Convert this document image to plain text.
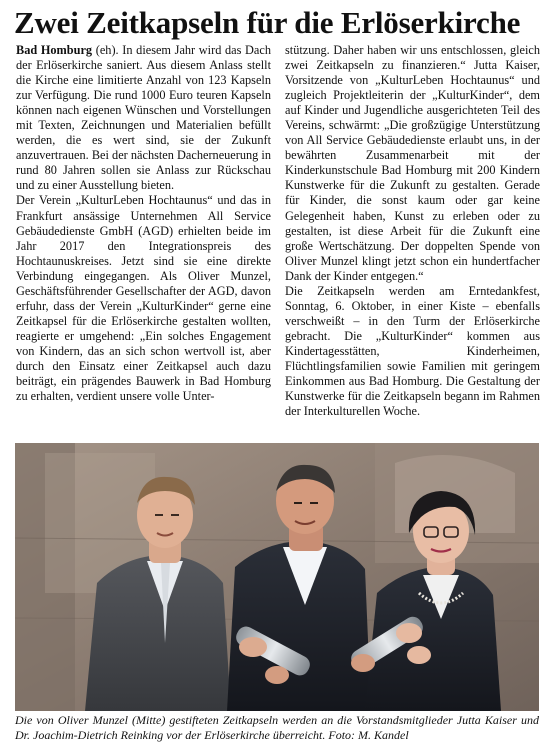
Zwei Zeitkapseln für die Erlöserkirche

Bad Homburg (eh). In diesem Jahr wird das Dach der Erlöserkirche saniert. Aus diesem Anlass stellt die Kirche eine limitierte Anzahl von 123 Kapseln zur Verfügung. Die rund 1000 Euro teuren Kapseln können nach eigenen Wünschen und Vorstellungen mit Texten, Zeichnungen und Materialien befüllt werden, die es wert sind, sie der Zukunft anzuvertrauen. Bei der nächsten Dacherneuerung in rund 80 Jahren sollen sie Anlass zur Rückschau und zu einer Ausstellung bieten.

Der Verein „KulturLeben Hochtaunus“ und das in Frankfurt ansässige Unternehmen All Service Gebäudedienste GmbH (AGD) erhielten beide im Jahr 2017 den Integrationspreis des Hochtaunuskreises. Jetzt sind sie eine direkte Verbindung eingegangen. Als Oliver Munzel, Geschäftsführender Gesellschafter der AGD, davon erfuhr, dass der Verein „KulturKinder“ gerne eine Zeitkapsel für die Erlöserkirche gestalten wollten, reagierte er umgehend: „Ein solches Engagement von Kindern, das an sich schon wertvoll ist, aber durch den Einsatz einer Zeitkapsel auch dazu beiträgt, ein prägendes Bauwerk in Bad Homburg zu erhalten, verdient unsere volle Unter-

stützung. Daher haben wir uns entschlossen, gleich zwei Zeitkapseln zu finanzieren.“ Jutta Kaiser, Vorsitzende von „KulturLeben Hochtaunus“ und zugleich Projektleiterin der „KulturKinder“, dem auf Kinder und Jugendliche ausgerichteten Teil des Vereins, schwärmt: „Die großzügige Unterstützung von All Service Gebäudedienste erlaubt uns, in der bewährten Zusammenarbeit mit der Kinderkunstschule Bad Homburg mit 200 Kindern Kunstwerke für die Zukunft zu gestalten. Gerade für Kinder, die sonst kaum oder gar keine Gelegenheit haben, Kunst zu erleben oder zu gestalten, ist diese Arbeit für die Zukunft eine große Wertschätzung. Der doppelten Spende von Oliver Munzel klingt jetzt schon ein hundertfacher Dank der Kinder entgegen.“

Die Zeitkapseln werden am Erntedankfest, Sonntag, 6. Oktober, in einer Kiste – ebenfalls verschweißt – in den Turm der Erlöserkirche gebracht. Die „KulturKinder“ kommen aus Kindertagesstätten, Kinderheimen, Flüchtlingsfamilien sowie Familien mit geringem Einkommen aus Bad Homburg. Die Gestaltung der Kunstwerke für die Zeitkapseln begann im Rahmen der Interkulturellen Woche.

Die von Oliver Munzel (Mitte) gestifteten Zeitkapseln werden an die Vorstandsmitglieder Jutta Kaiser und Dr. Joachim-Dietrich Reinking vor der Erlöserkirche überreicht. Foto: M. Kandel
